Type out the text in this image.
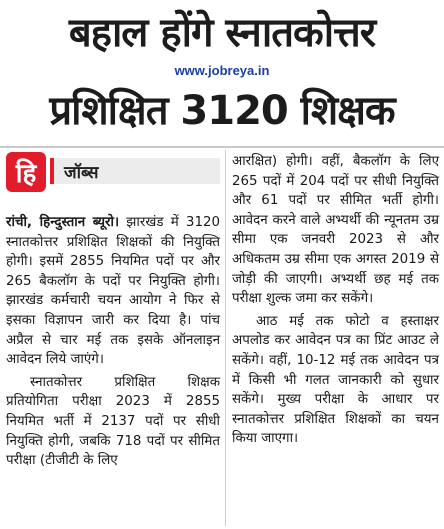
बहाल होंगे स्नातकोत्तर
www.jobreya.in
प्रशिक्षित 3120 शिक्षक
हि	जॉब्स

रांची, हिन्दुस्तान ब्यूरो। झारखंड में 3120 स्नातकोत्तर प्रशिक्षित शिक्षकों की नियुक्ति होगी। इसमें 2855 नियमित पदों पर और 265 बैकलॉग के पदों पर नियुक्ति होगी। झारखंड कर्मचारी चयन आयोग ने फिर से इसका विज्ञापन जारी कर दिया है। पांच अप्रैल से चार मई तक इसके ऑनलाइन आवेदन लिये जाएंगे।

स्नातकोत्तर प्रशिक्षित शिक्षक प्रतियोगिता परीक्षा 2023 में 2855 नियमित भर्ती में 2137 पदों पर सीधी नियुक्ति होगी, जबकि 718 पदों पर सीमित परीक्षा (टीजीटी के लिए

आरक्षित) होगी। वहीं, बैकलॉग के लिए 265 पदों में 204 पदों पर सीधी नियुक्ति और 61 पदों पर सीमित भर्ती होगी। आवेदन करने वाले अभ्यर्थी की न्यूनतम उम्र सीमा एक जनवरी 2023 से और अधिकतम उम्र सीमा एक अगस्त 2019 से जोड़ी की जाएगी। अभ्यर्थी छह मई तक परीक्षा शुल्क जमा कर सकेंगे।

आठ मई तक फोटो व हस्ताक्षर अपलोड कर आवेदन पत्र का प्रिंट आउट ले सकेंगे। वहीं, 10-12 मई तक आवेदन पत्र में किसी भी गलत जानकारी को सुधार सकेंगे। मुख्य परीक्षा के आधार पर स्नातकोत्तर प्रशिक्षित शिक्षकों का चयन किया जाएगा।
